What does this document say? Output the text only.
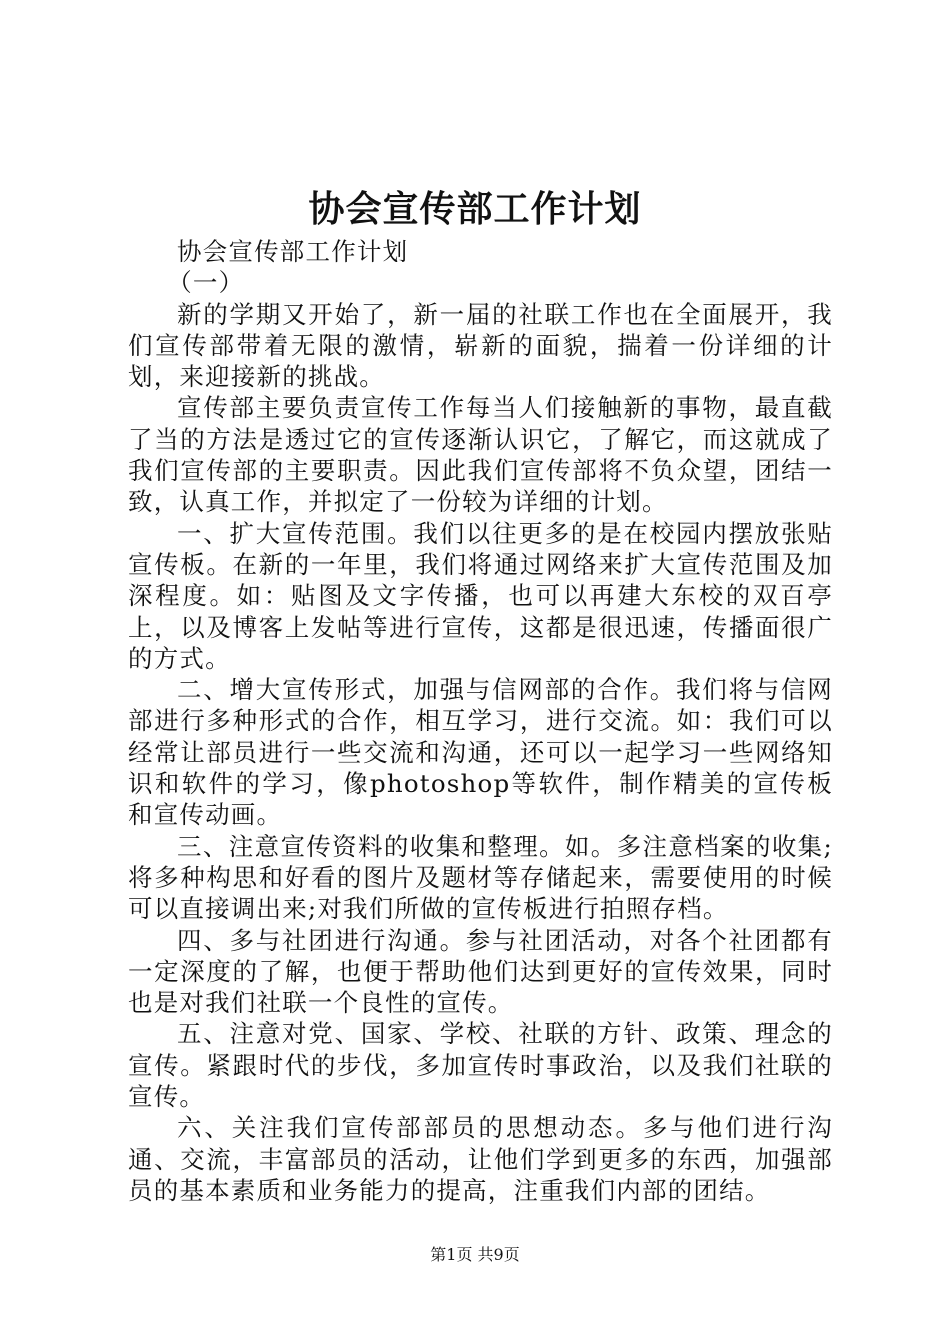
协会宣传部工作计划

协会宣传部工作计划

（一）

新的学期又开始了，新一届的社联工作也在全面展开，我们宣传部带着无限的激情，崭新的面貌，揣着一份详细的计划，来迎接新的挑战。

宣传部主要负责宣传工作每当人们接触新的事物，最直截了当的方法是透过它的宣传逐渐认识它，了解它，而这就成了我们宣传部的主要职责。因此我们宣传部将不负众望，团结一致，认真工作，并拟定了一份较为详细的计划。

一、扩大宣传范围。我们以往更多的是在校园内摆放张贴宣传板。在新的一年里，我们将通过网络来扩大宣传范围及加深程度。如：贴图及文字传播，也可以再建大东校的双百亭上，以及博客上发帖等进行宣传，这都是很迅速，传播面很广的方式。

二、增大宣传形式，加强与信网部的合作。我们将与信网部进行多种形式的合作，相互学习，进行交流。如：我们可以经常让部员进行一些交流和沟通，还可以一起学习一些网络知识和软件的学习，像photoshop等软件，制作精美的宣传板和宣传动画。

三、注意宣传资料的收集和整理。如。多注意档案的收集;将多种构思和好看的图片及题材等存储起来，需要使用的时候可以直接调出来;对我们所做的宣传板进行拍照存档。

四、多与社团进行沟通。参与社团活动，对各个社团都有一定深度的了解，也便于帮助他们达到更好的宣传效果，同时也是对我们社联一个良性的宣传。

五、注意对党、国家、学校、社联的方针、政策、理念的宣传。紧跟时代的步伐，多加宣传时事政治，以及我们社联的宣传。

六、关注我们宣传部部员的思想动态。多与他们进行沟通、交流，丰富部员的活动，让他们学到更多的东西，加强部员的基本素质和业务能力的提高，注重我们内部的团结。

第1页 共9页
